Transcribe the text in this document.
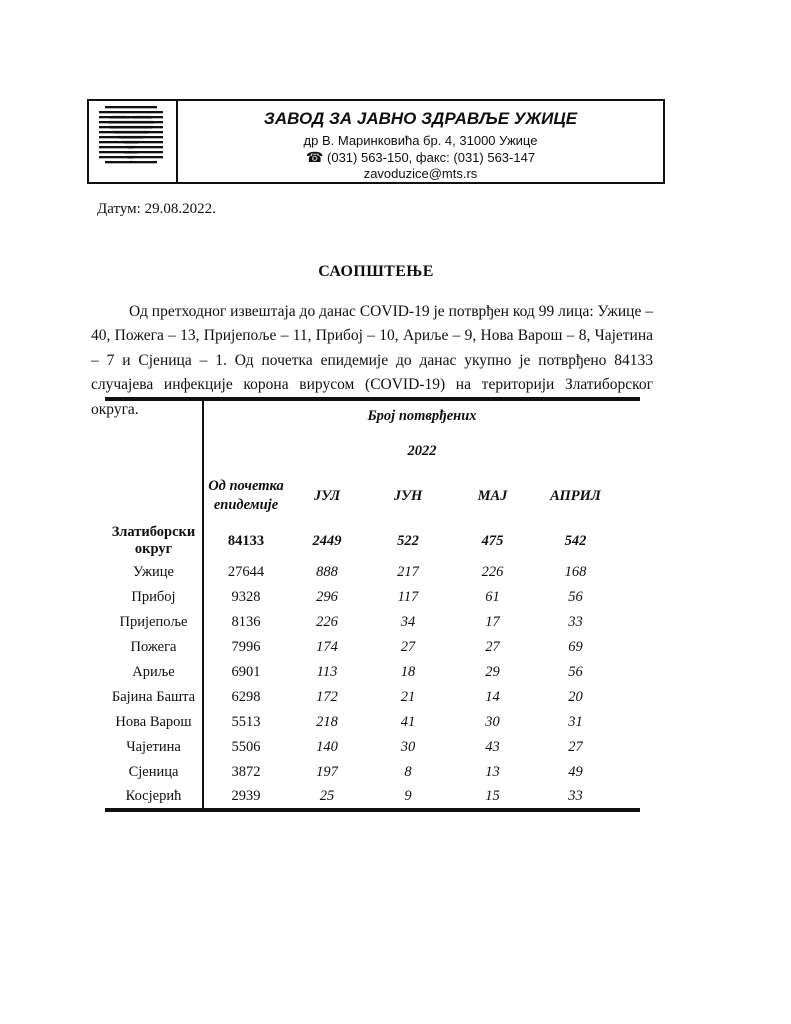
ЗАВОД ЗА ЈАВНО ЗДРАВЉЕ УЖИЦЕ
др В. Маринковића бр. 4, 31000 Ужице
☎ (031) 563-150, факс: (031) 563-147
zavoduzice@mts.rs
Датум: 29.08.2022.
САОПШТЕЊЕ

Од претходног извештаја до данас COVID-19 је потврђен код 99 лица: Ужице – 40, Пожега – 13, Пријепоље – 11, Прибој – 10, Ариље – 9, Нова Варош – 8, Чајетина – 7 и Сјеница – 1. Од почетка епидемије до данас укупно је потврђено 84133 случајева инфекције корона вирусом (COVID-19) на територији Златиборског округа.

		Број потврђених				
	2022				
	Од почетка епидемије	ЈУЛ	ЈУН	МАЈ	АПРИЛ
Златиборски округ	84133	2449	522	475	542
Ужице	27644	888	217	226	168
Прибој	9328	296	117	61	56
Пријепоље	8136	226	34	17	33
Пожега	7996	174	27	27	69
Ариље	6901	113	18	29	56
Бајина Башта	6298	172	21	14	20
Нова Варош	5513	218	41	30	31
Чајетина	5506	140	30	43	27
Сјеница	3872	197	8	13	49
Косјерић	2939	25	9	15	33
